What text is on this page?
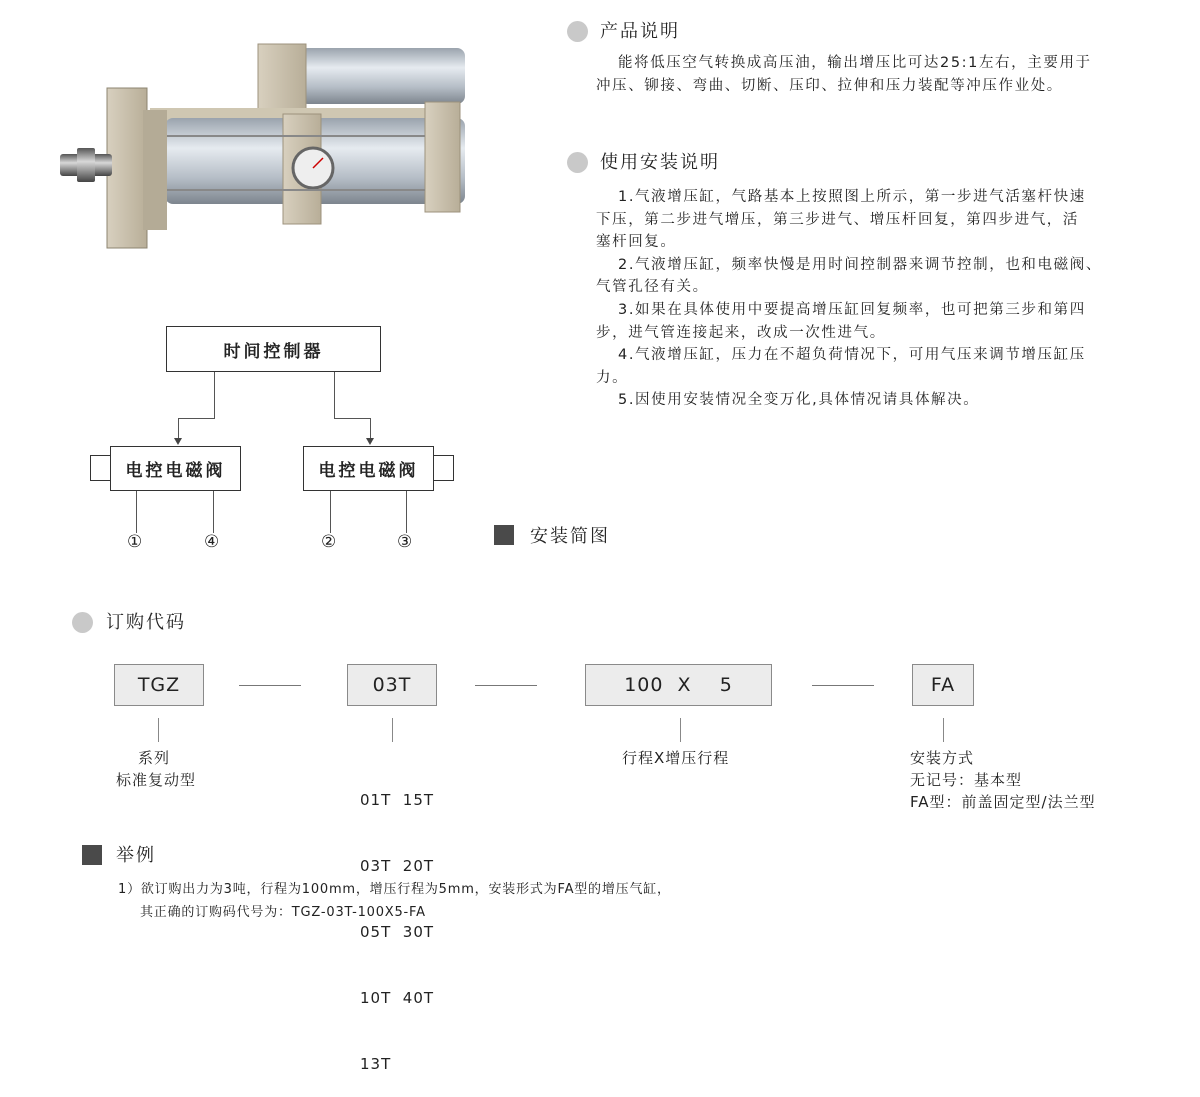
产品说明

能将低压空气转换成高压油，输出增压比可达25:1左右，主要用于

冲压、铆接、弯曲、切断、压印、拉伸和压力装配等冲压作业处。

使用安装说明

1.气液增压缸，气路基本上按照图上所示，第一步进气活塞杆快速

下压，第二步进气增压，第三步进气、增压杆回复，第四步进气，活

塞杆回复。

2.气液增压缸，频率快慢是用时间控制器来调节控制，也和电磁阀、

气管孔径有关。

3.如果在具体使用中要提高增压缸回复频率，也可把第三步和第四

步，进气管连接起来，改成一次性进气。

4.气液增压缸，压力在不超负荷情况下，可用气压来调节增压缸压

力。

5.因使用安装情况全变万化,具体情况请具体解决。

时间控制器
电控电磁阀	电控电磁阀
①	④	②	③	安装简图
订购代码
TGZ	03T	100  X    5	FA
系列
标准复动型

01T  15T

03T  20T

05T  30T

10T  40T

13T

行程X增压行程	安装方式
无记号：基本型
FA型：前盖固定型/法兰型
举例
1）欲订购出力为3吨，行程为100mm，增压行程为5mm，安装形式为FA型的增压气缸，
其正确的订购码代号为：TGZ-03T-100X5-FA
